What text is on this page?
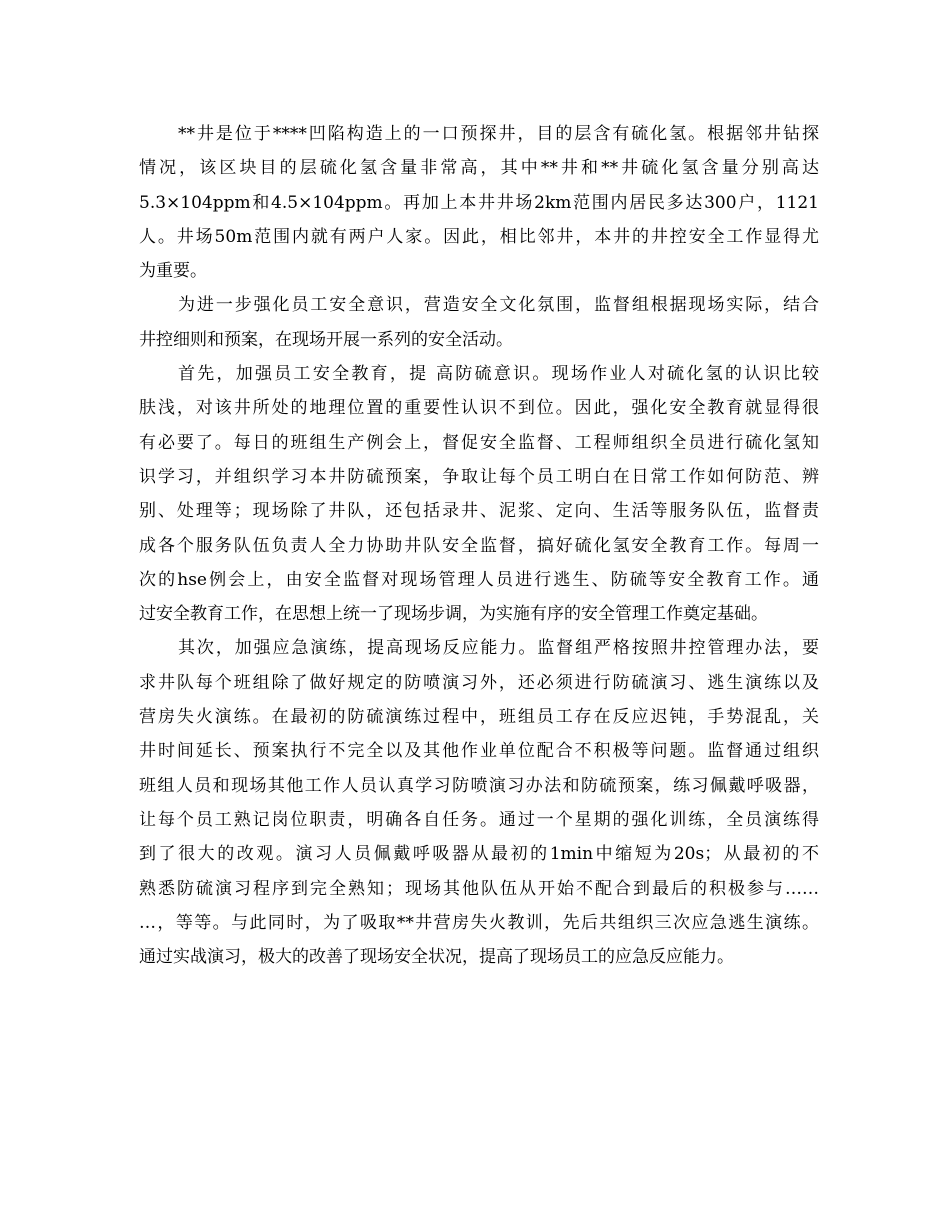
**井是位于****凹陷构造上的一口预探井，目的层含有硫化氢。根据邻井钻探
情况，该区块目的层硫化氢含量非常高，其中**井和**井硫化氢含量分别高达
5.3×104ppm和4.5×104ppm。再加上本井井场2km范围内居民多达300户，1121
人。井场50m范围内就有两户人家。因此，相比邻井，本井的井控安全工作显得尤
为重要。
为进一步强化员工安全意识，营造安全文化氛围，监督组根据现场实际，结合
井控细则和预案，在现场开展一系列的安全活动。
首先，加强员工安全教育，提 高防硫意识。现场作业人对硫化氢的认识比较
肤浅，对该井所处的地理位置的重要性认识不到位。因此，强化安全教育就显得很
有必要了。每日的班组生产例会上，督促安全监督、工程师组织全员进行硫化氢知
识学习，并组织学习本井防硫预案，争取让每个员工明白在日常工作如何防范、辨
别、处理等；现场除了井队，还包括录井、泥浆、定向、生活等服务队伍，监督责
成各个服务队伍负责人全力协助井队安全监督，搞好硫化氢安全教育工作。每周一
次的hse例会上，由安全监督对现场管理人员进行逃生、防硫等安全教育工作。通
过安全教育工作，在思想上统一了现场步调，为实施有序的安全管理工作奠定基础。
其次，加强应急演练，提高现场反应能力。监督组严格按照井控管理办法，要
求井队每个班组除了做好规定的防喷演习外，还必须进行防硫演习、逃生演练以及
营房失火演练。在最初的防硫演练过程中，班组员工存在反应迟钝，手势混乱，关
井时间延长、预案执行不完全以及其他作业单位配合不积极等问题。监督通过组织
班组人员和现场其他工作人员认真学习防喷演习办法和防硫预案，练习佩戴呼吸器，
让每个员工熟记岗位职责，明确各自任务。通过一个星期的强化训练，全员演练得
到了很大的改观。演习人员佩戴呼吸器从最初的1min中缩短为20s；从最初的不
熟悉防硫演习程序到完全熟知；现场其他队伍从开始不配合到最后的积极参与……
…，等等。与此同时，为了吸取**井营房失火教训，先后共组织三次应急逃生演练。
通过实战演习，极大的改善了现场安全状况，提高了现场员工的应急反应能力。
